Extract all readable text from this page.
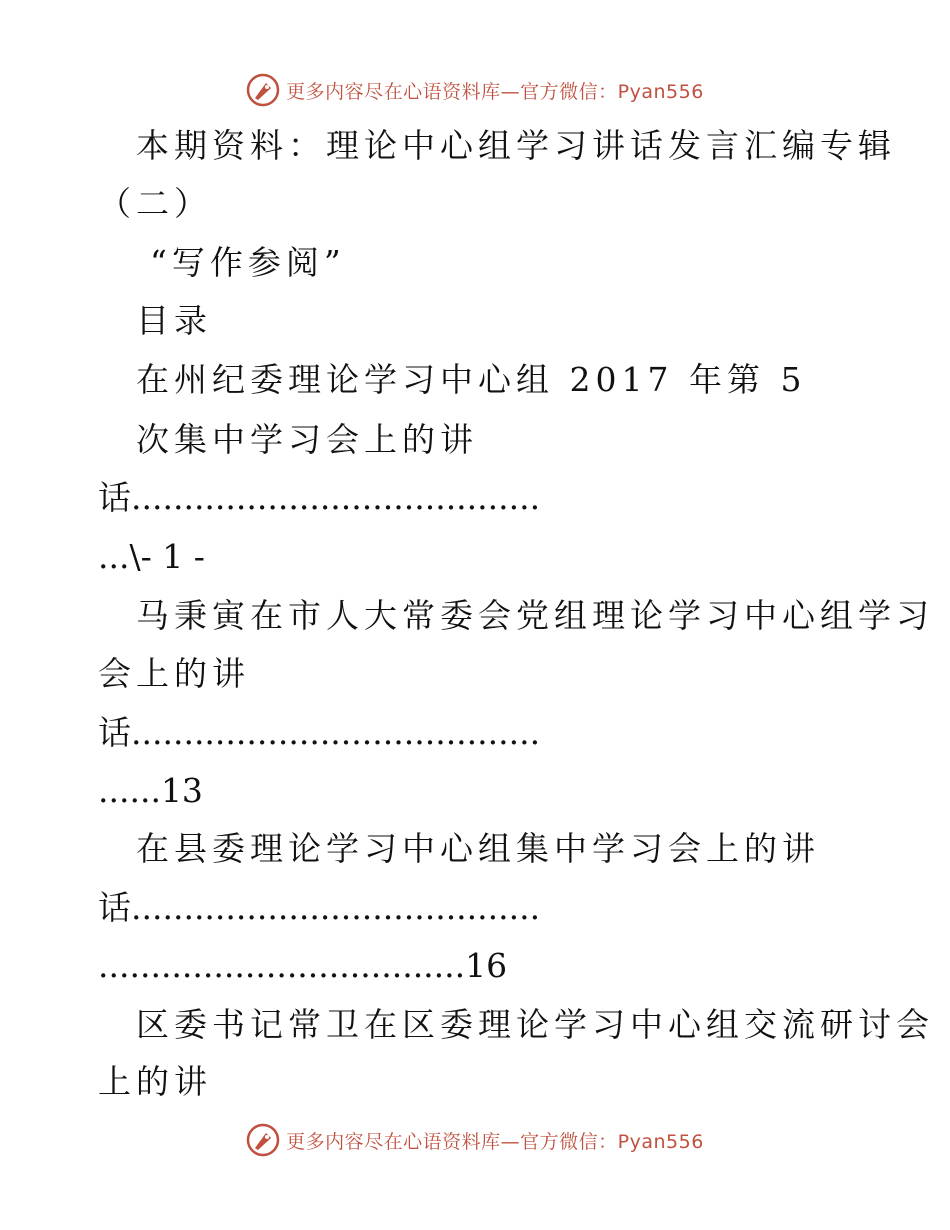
更多内容尽在心语资料库—官方微信：Pyan556
本期资料：理论中心组学习讲话发言汇编专辑
（二）
“写作参阅”
目录
在州纪委理论学习中心组 2017 年第 5
次集中学习会上的讲
话.......................................
...\- 1 -
马秉寅在市人大常委会党组理论学习中心组学习
会上的讲
话.......................................
......13
在县委理论学习中心组集中学习会上的讲
话.......................................
...................................16
区委书记常卫在区委理论学习中心组交流研讨会
上的讲
更多内容尽在心语资料库—官方微信：Pyan556
